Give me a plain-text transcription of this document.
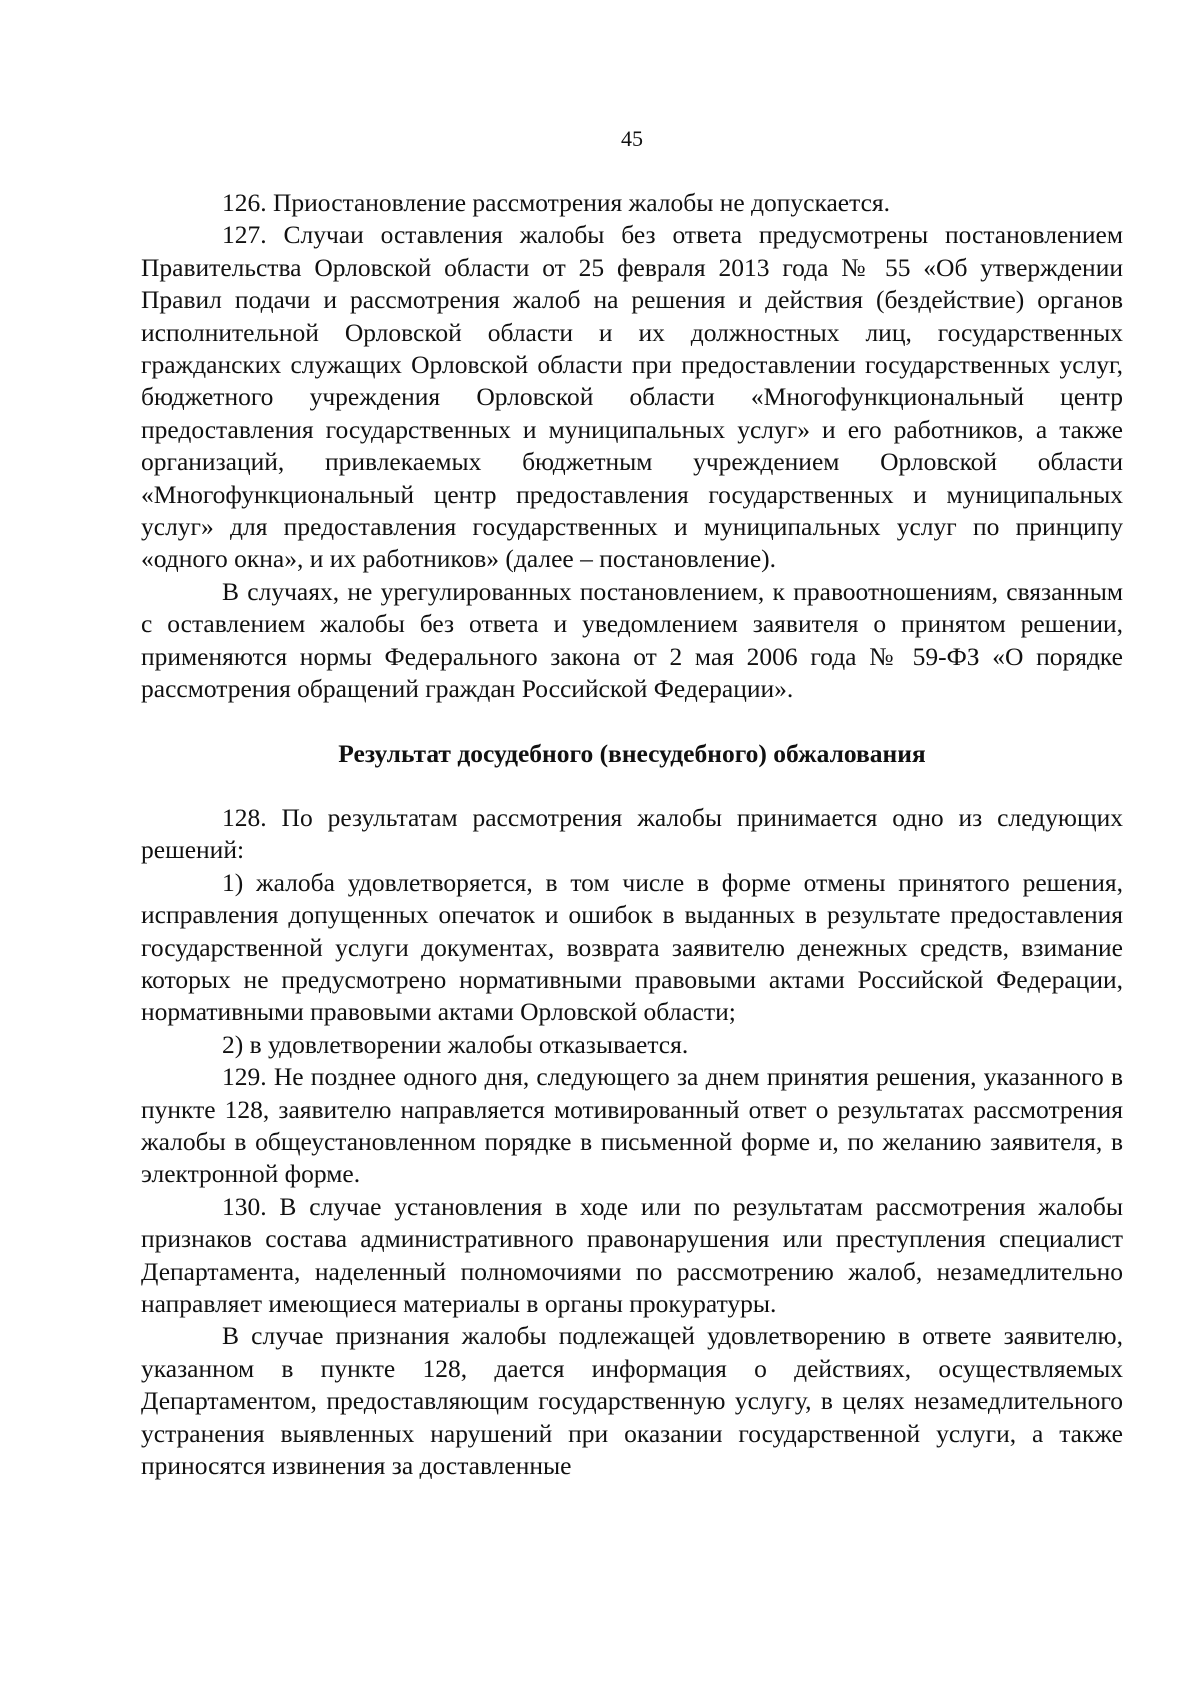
45

126. Приостановление рассмотрения жалобы не допускается.

127. Случаи оставления жалобы без ответа предусмотрены постановлением Правительства Орловской области от 25 февраля 2013 года № 55 «Об утверждении Правил подачи и рассмотрения жалоб на решения и действия (бездействие) органов исполнительной Орловской области и их должностных лиц, государственных гражданских служащих Орловской области при предоставлении государственных услуг, бюджетного учреждения Орловской области «Многофункциональный центр предоставления государственных и муниципальных услуг» и его работников, а также организаций, привлекаемых бюджетным учреждением Орловской области «Многофункциональный центр предоставления государственных и муниципальных услуг» для предоставления государственных и муниципальных услуг по принципу «одного окна», и их работников» (далее – постановление).

В случаях, не урегулированных постановлением, к правоотношениям, связанным с оставлением жалобы без ответа и уведомлением заявителя о принятом решении, применяются нормы Федерального закона от 2 мая 2006 года № 59-ФЗ «О порядке рассмотрения обращений граждан Российской Федерации».

Результат досудебного (внесудебного) обжалования

128. По результатам рассмотрения жалобы принимается одно из следующих решений:

1) жалоба удовлетворяется, в том числе в форме отмены принятого решения, исправления допущенных опечаток и ошибок в выданных в результате предоставления государственной услуги документах, возврата заявителю денежных средств, взимание которых не предусмотрено нормативными правовыми актами Российской Федерации, нормативными правовыми актами Орловской области;

2) в удовлетворении жалобы отказывается.

129. Не позднее одного дня, следующего за днем принятия решения, указанного в пункте 128, заявителю направляется мотивированный ответ о результатах рассмотрения жалобы в общеустановленном порядке в письменной форме и, по желанию заявителя, в электронной форме.

130. В случае установления в ходе или по результатам рассмотрения жалобы признаков состава административного правонарушения или преступления специалист Департамента, наделенный полномочиями по рассмотрению жалоб, незамедлительно направляет имеющиеся материалы в органы прокуратуры.

В случае признания жалобы подлежащей удовлетворению в ответе заявителю, указанном в пункте 128, дается информация о действиях, осуществляемых Департаментом, предоставляющим государственную услугу, в целях незамедлительного устранения выявленных нарушений при оказании государственной услуги, а также приносятся извинения за доставленные
